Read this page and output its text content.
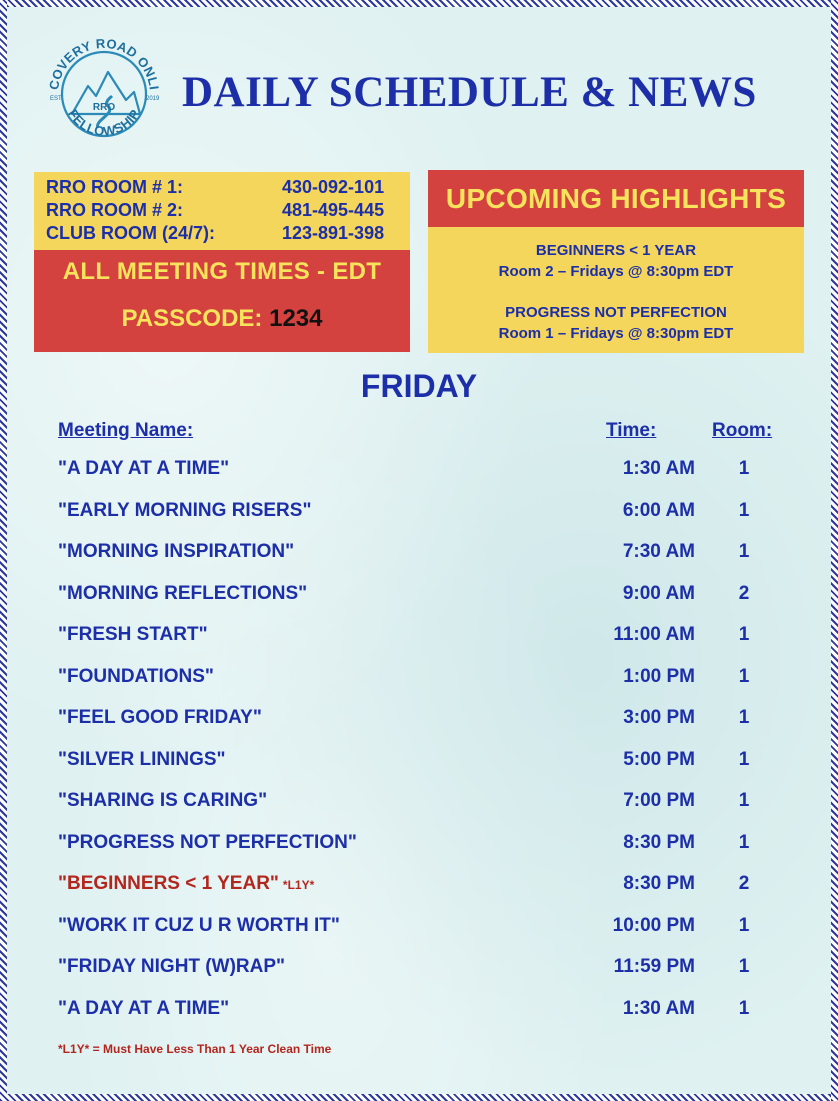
COVERY ROAD ONLI
FELLOWSHIP
RRO
EST.	2019 DAILY SCHEDULE & NEWS
RRO ROOM # 1:	430-092-101
RRO ROOM # 2:	481-495-445
CLUB ROOM (24/7):	123-891-398
ALL MEETING TIMES - EDT
PASSCODE: 1234
UPCOMING HIGHLIGHTS
BEGINNERS < 1 YEAR
Room 2 – Fridays @ 8:30pm EDT
PROGRESS NOT PERFECTION
Room 1 – Fridays @ 8:30pm EDT
FRIDAY
Meeting Name:	Time:	Room:
"A DAY AT A TIME"	1:30 AM 1
"EARLY MORNING RISERS"	6:00 AM 1
"MORNING INSPIRATION"	7:30 AM 1
"MORNING REFLECTIONS"	9:00 AM 2
"FRESH START"	11:00 AM 1
"FOUNDATIONS"	1:00 PM 1
"FEEL GOOD FRIDAY"	3:00 PM 1
"SILVER LININGS"	5:00 PM 1
"SHARING IS CARING"	7:00 PM 1
"PROGRESS NOT PERFECTION"	8:30 PM 1
"BEGINNERS < 1 YEAR" *L1Y*	8:30 PM 2
"WORK IT CUZ U R WORTH IT"	10:00 PM 1
"FRIDAY NIGHT (W)RAP"	11:59 PM 1
"A DAY AT A TIME"	1:30 AM 1
*L1Y* = Must Have Less Than 1 Year Clean Time
